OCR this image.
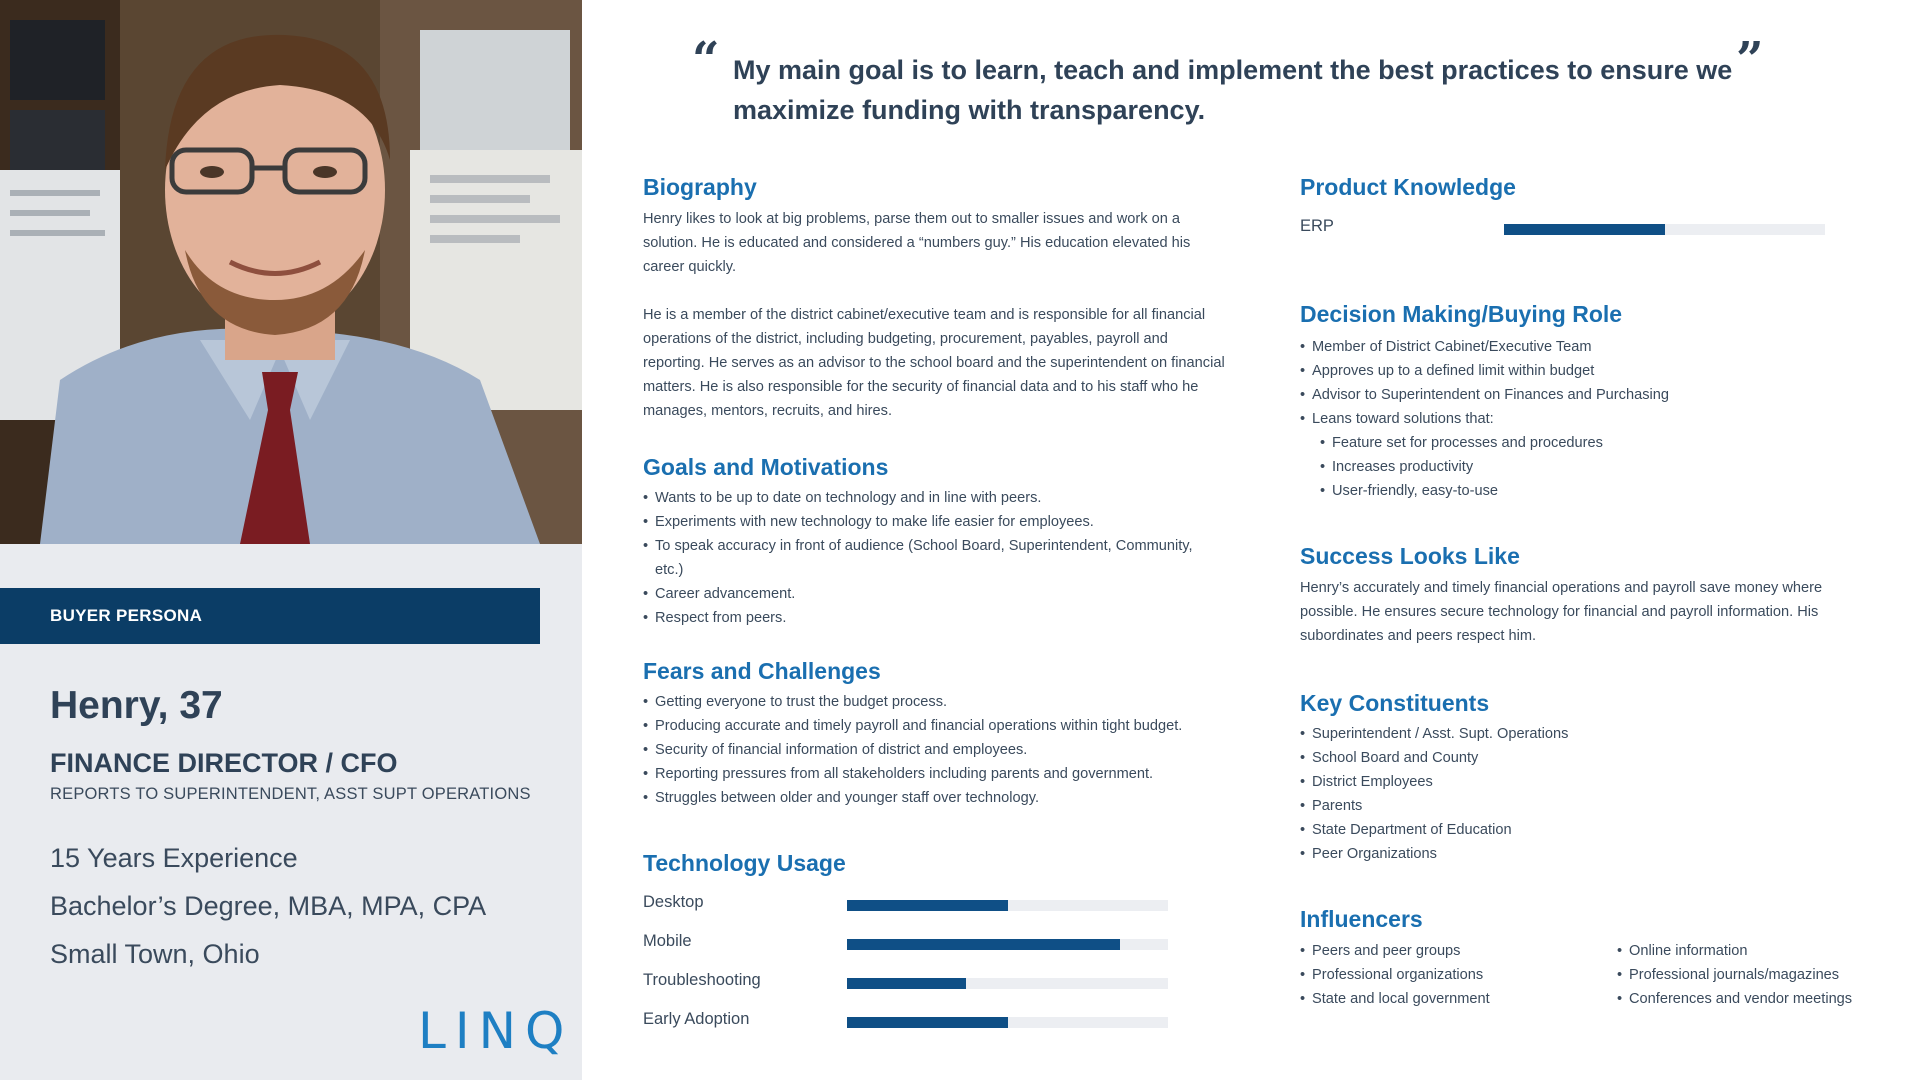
BUYER PERSONA
Henry, 37
FINANCE DIRECTOR / CFO
REPORTS TO SUPERINTENDENT, ASST SUPT OPERATIONS
15 Years Experience
Bachelor’s Degree, MBA, MPA, CPA
Small Town, Ohio
LINQ
“ My main goal is to learn, teach and implement the best practices to ensure we maximize funding with transparency.
”
Biography

Henry likes to look at big problems, parse them out to smaller issues and work on a solution. He is educated and considered a “numbers guy.” His education elevated his career quickly.

He is a member of the district cabinet/executive team and is responsible for all financial operations of the district, including budgeting, procurement, payables, payroll and reporting. He serves as an advisor to the school board and the superintendent on financial matters. He is also responsible for the security of financial data and to his staff who he manages, mentors, recruits, and hires.

Goals and Motivations
• Wants to be up to date on technology and in line with peers.
• Experiments with new technology to make life easier for employees.
• To speak accuracy in front of audience (School Board, Superintendent, Community, etc.)
• Career advancement.
• Respect from peers.
Fears and Challenges
• Getting everyone to trust the budget process.
• Producing accurate and timely payroll and financial operations within tight budget.
• Security of financial information of district and employees.
• Reporting pressures from all stakeholders including parents and government.
• Struggles between older and younger staff over technology.
Technology Usage
Desktop
Mobile
Troubleshooting
Early Adoption
Product Knowledge
ERP
Decision Making/Buying Role
• Member of District Cabinet/Executive Team
• Approves up to a defined limit within budget
• Advisor to Superintendent on Finances and Purchasing
• Leans toward solutions that:
• Feature set for processes and procedures
• Increases productivity
• User-friendly, easy-to-use
Success Looks Like
Henry’s accurately and timely financial operations and payroll save money where possible. He ensures secure technology for financial and payroll information. His subordinates and peers respect him.
Key Constituents
• Superintendent / Asst. Supt. Operations
• School Board and County
• District Employees
• Parents
• State Department of Education
• Peer Organizations
Influencers
• Peers and peer groups
• Professional organizations
• State and local government
• Online information
• Professional journals/magazines
• Conferences and vendor meetings
